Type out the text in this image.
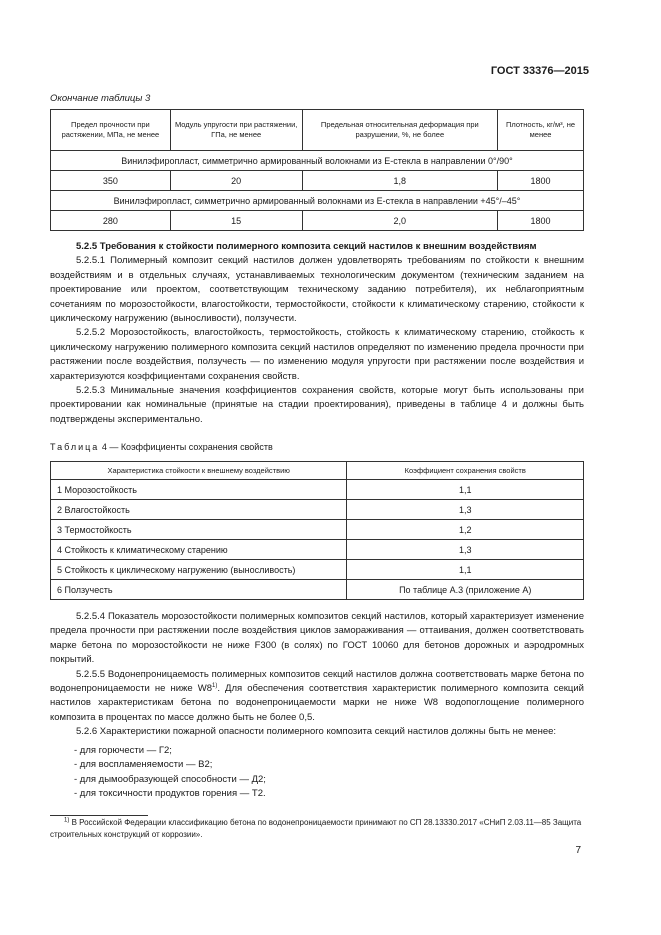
ГОСТ 33376—2015
Окончание таблицы 3
Предел прочности при растяжении, МПа, не менее	Модуль упругости при растяжении, ГПа, не менее	Предельная относительная деформация при разрушении, %, не более	Плотность, кг/м³, не менее
Винилэфиропласт, симметрично армированный волокнами из Е-стекла в направлении 0°/90°			
350	20	1,8	1800
Винилэфиропласт, симметрично армированный волокнами из Е-стекла в направлении +45°/–45°			
280	15	2,0	1800

5.2.5 Требования к стойкости полимерного композита секций настилов к внешним воздействиям

5.2.5.1 Полимерный композит секций настилов должен удовлетворять требованиям по стойкости к внешним воздействиям и в отдельных случаях, устанавливаемых технологическим документом (техническим заданием на проектирование или проектом, соответствующим техническому заданию потребителя), их неблагоприятным сочетаниям по морозостойкости, влагостойкости, термостойкости, стойкости к климатическому старению, стойкости к циклическому нагружению (выносливости), ползучести.

5.2.5.2 Морозостойкость, влагостойкость, термостойкость, стойкость к климатическому старению, стойкость к циклическому нагружению полимерного композита секций настилов определяют по изменению предела прочности при растяжении после воздействия, ползучесть — по изменению модуля упругости при растяжении после воздействия и характеризуются коэффициентами сохранения свойств.

5.2.5.3 Минимальные значения коэффициентов сохранения свойств, которые могут быть использованы при проектировании как номинальные (принятые на стадии проектирования), приведены в таблице 4 и должны быть подтверждены экспериментально.

Таблица 4 — Коэффициенты сохранения свойств
Характеристика стойкости к внешнему воздействию	Коэффициент сохранения свойств
1 Морозостойкость	1,1
2 Влагостойкость	1,3
3 Термостойкость	1,2
4 Стойкость к климатическому старению	1,3
5 Стойкость к циклическому нагружению (выносливость)	1,1
6 Ползучесть	По таблице А.3 (приложение А)

5.2.5.4 Показатель морозостойкости полимерных композитов секций настилов, который характеризует изменение предела прочности при растяжении после воздействия циклов замораживания — оттаивания, должен соответствовать марке бетона по морозостойкости не ниже F300 (в солях) по ГОСТ 10060 для бетонов дорожных и аэродромных покрытий.

5.2.5.5 Водонепроницаемость полимерных композитов секций настилов должна соответствовать марке бетона по водонепроницаемости не ниже W8$^{1)}$. Для обеспечения соответствия характеристик полимерного композита секций настилов характеристикам бетона по водонепроницаемости марки не ниже W8 водопоглощение полимерного композита в процентах по массе должно быть не более 0,5.

5.2.6 Характеристики пожарной опасности полимерного композита секций настилов должны быть не менее:

- для горючести — Г2;
- для воспламеняемости — В2;
- для дымообразующей способности — Д2;
- для токсичности продуктов горения — Т2.

$^{1)}$ В Российской Федерации классификацию бетона по водонепроницаемости принимают по СП 28.13330.2017 «СНиП 2.03.11—85 Защита строительных конструкций от коррозии».

7
